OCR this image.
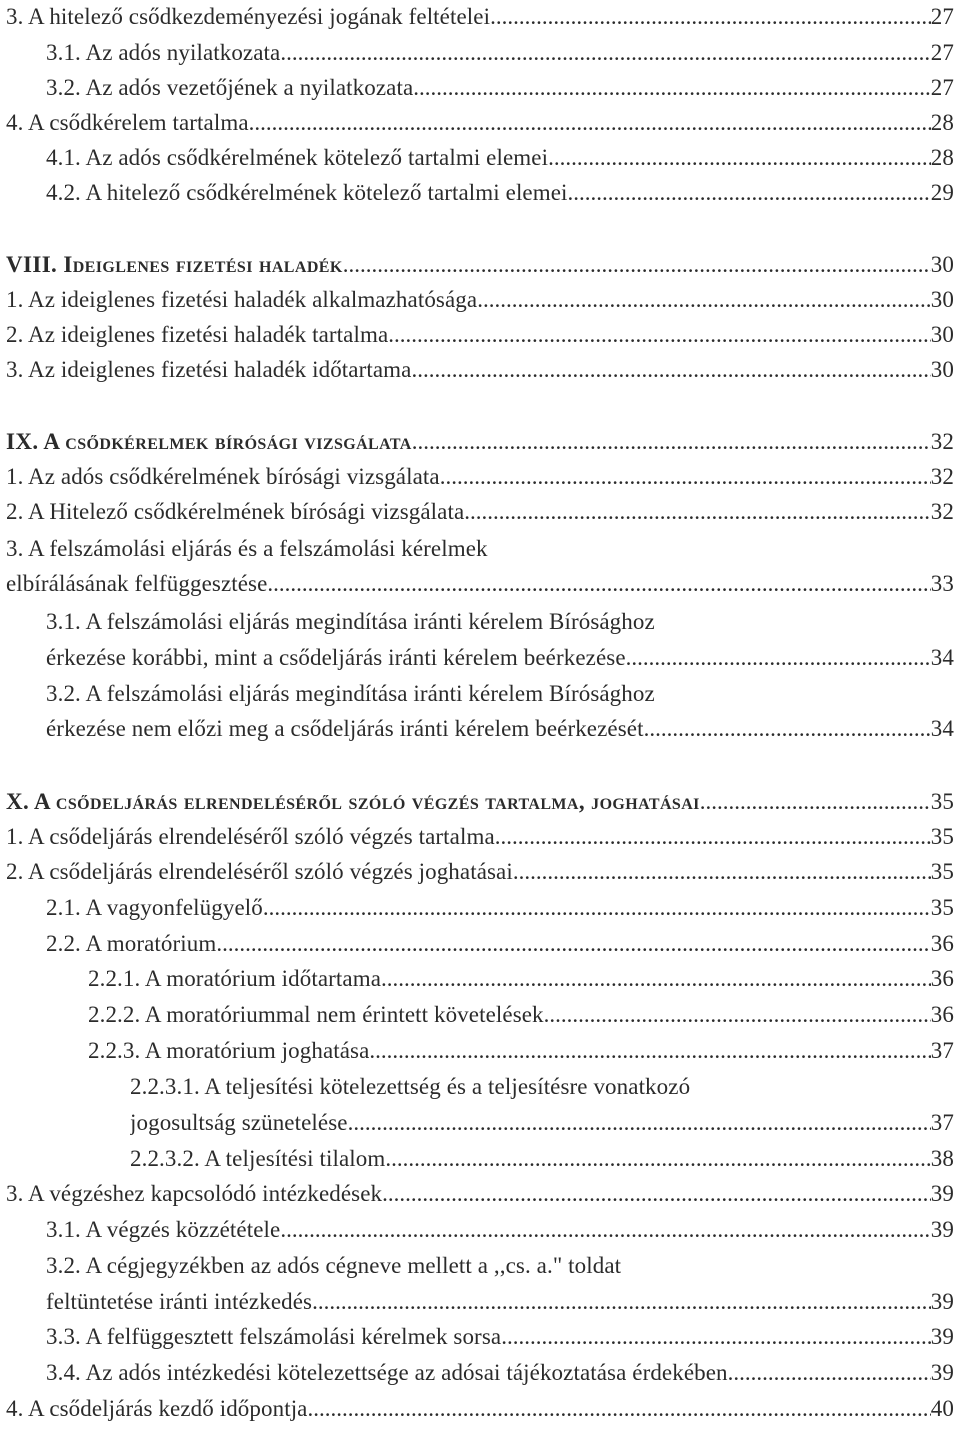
3. A hitelező csődkezdeményezési jogának feltételei .....	27
3.1. Az adós nyilatkozata .....	27
3.2. Az adós vezetőjének a nyilatkozata .....	27
4. A csődkérelem tartalma .....	28
4.1. Az adós csődkérelmének kötelező tartalmi elemei .....	28
4.2. A hitelező csődkérelmének kötelező tartalmi elemei .....	29
VIII. Ideiglenes fizetési haladék .....	30
1. Az ideiglenes fizetési haladék alkalmazhatósága .....	30
2. Az ideiglenes fizetési haladék tartalma .....	30
3. Az ideiglenes fizetési haladék időtartama .....	30
IX. A csődkérelmek bírósági vizsgálata .....	32
1. Az adós csődkérelmének bírósági vizsgálata .....	32
2. A Hitelező csődkérelmének bírósági vizsgálata .....	32
3. A felszámolási eljárás és a felszámolási kérelmek
elbírálásának felfüggesztése .....	33
3.1. A felszámolási eljárás megindítása iránti kérelem Bírósághoz
érkezése korábbi, mint a csődeljárás iránti kérelem beérkezése .....	34
3.2. A felszámolási eljárás megindítása iránti kérelem Bírósághoz
érkezése nem előzi meg a csődeljárás iránti kérelem beérkezését .....	34
X. A csődeljárás elrendeléséről szóló végzés tartalma, joghatásai .....	35
1. A csődeljárás elrendeléséről szóló végzés tartalma .....	35
2. A csődeljárás elrendeléséről szóló végzés joghatásai .....	35
2.1. A vagyonfelügyelő .....	35
2.2. A moratórium .....	36
2.2.1. A moratórium időtartama .....	36
2.2.2. A moratóriummal nem érintett követelések .....	36
2.2.3. A moratórium joghatása .....	37
2.2.3.1. A teljesítési kötelezettség és a teljesítésre vonatkozó
jogosultság szünetelése .....	37
2.2.3.2. A teljesítési tilalom .....	38
3. A végzéshez kapcsolódó intézkedések .....	39
3.1. A végzés közzététele .....	39
3.2. A cégjegyzékben az adós cégneve mellett a ,,cs. a." toldat
feltüntetése iránti intézkedés .....	39
3.3. A felfüggesztett felszámolási kérelmek sorsa .....	39
3.4. Az adós intézkedési kötelezettsége az adósai tájékoztatása érdekében .....	39
4. A csődeljárás kezdő időpontja .....	40
